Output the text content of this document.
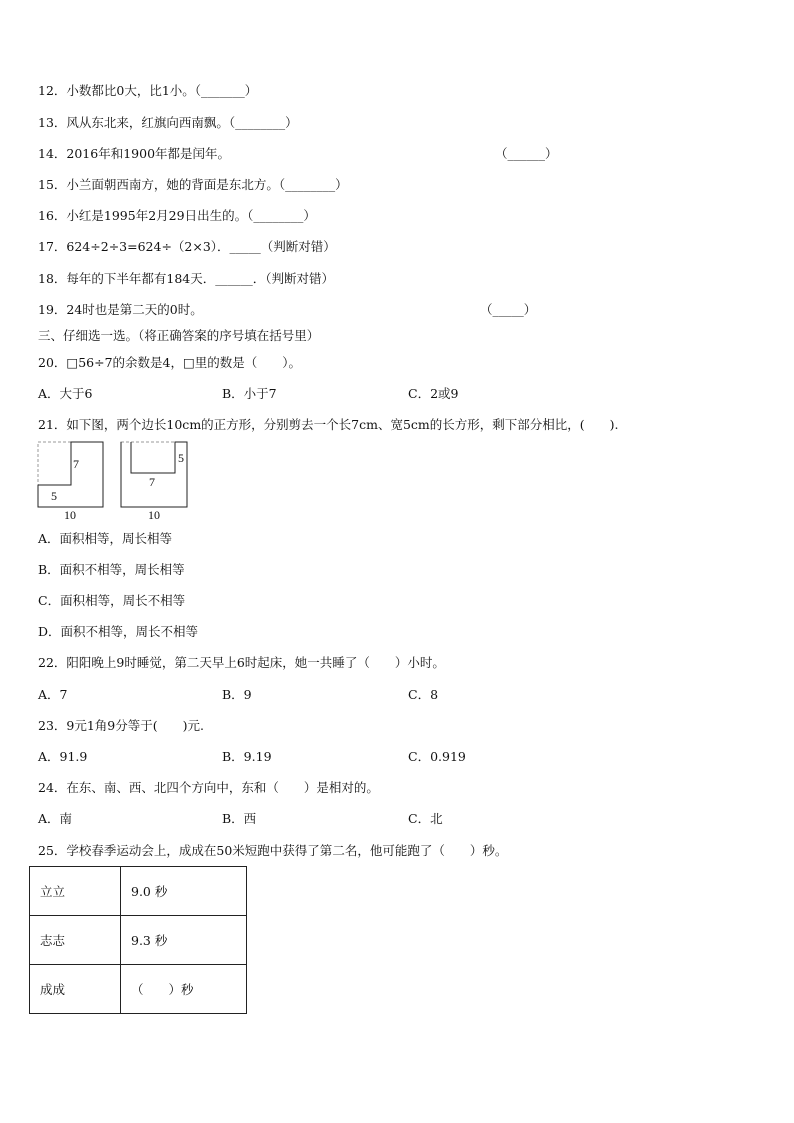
12．小数都比0大，比1小。（_______）
13．风从东北来，红旗向西南飘。（________）
14．2016年和1900年都是闰年。	（______）
15．小兰面朝西南方，她的背面是东北方。（________）
16．小红是1995年2月29日出生的。（________）
17．624÷2÷3=624÷（2×3）．_____（判断对错）
18．每年的下半年都有184天．______．（判断对错）
19．24时也是第二天的0时。	（_____）
三、仔细选一选。（将正确答案的序号填在括号里）
20．□56÷7的余数是4，□里的数是（　　）。
A．大于6	B．小于7	C．2或9
21．如下图，两个边长10cm的正方形，分别剪去一个长7cm、宽5cm的长方形，剩下部分相比，(　　).
7
5
10
5
7
10
A．面积相等，周长相等
B．面积不相等，周长相等
C．面积相等，周长不相等
D．面积不相等，周长不相等
22．阳阳晚上9时睡觉，第二天早上6时起床，她一共睡了（　　）小时。
A．7	B．9	C．8
23．9元1角9分等于(　　)元.
A．91.9	B．9.19	C．0.919
24．在东、南、西、北四个方向中，东和（　　）是相对的。
A．南	B．西	C．北
25．学校春季运动会上，成成在50米短跑中获得了第二名，他可能跑了（　　）秒。
立立	9.0 秒
志志	9.3 秒
成成	（　　）秒
